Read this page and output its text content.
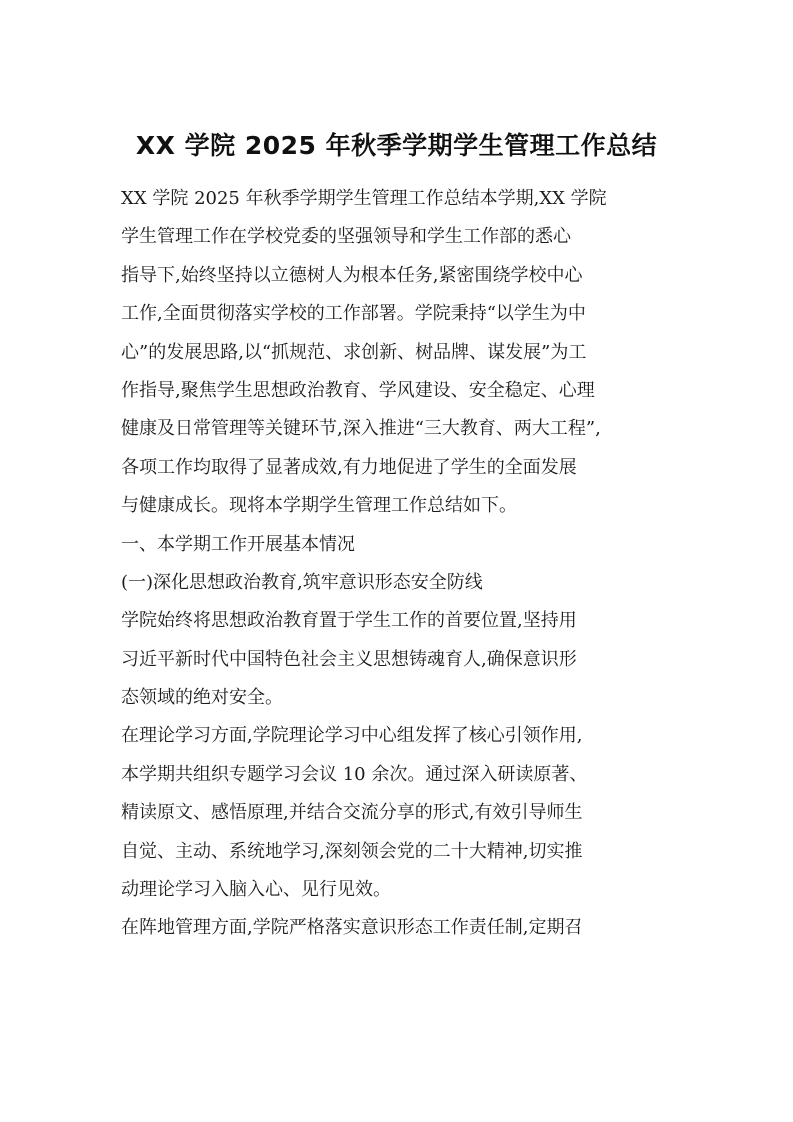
XX 学院 2025 年秋季学期学生管理工作总结
XX 学院 2025 年秋季学期学生管理工作总结本学期,XX 学院
学生管理工作在学校党委的坚强领导和学生工作部的悉心
指导下,始终坚持以立德树人为根本任务,紧密围绕学校中心
工作,全面贯彻落实学校的工作部署。学院秉持“以学生为中
心”的发展思路,以“抓规范、求创新、树品牌、谋发展”为工
作指导,聚焦学生思想政治教育、学风建设、安全稳定、心理
健康及日常管理等关键环节,深入推进“三大教育、两大工程”,
各项工作均取得了显著成效,有力地促进了学生的全面发展
与健康成长。现将本学期学生管理工作总结如下。
一、本学期工作开展基本情况
(一)深化思想政治教育,筑牢意识形态安全防线
学院始终将思想政治教育置于学生工作的首要位置,坚持用
习近平新时代中国特色社会主义思想铸魂育人,确保意识形
态领域的绝对安全。
在理论学习方面,学院理论学习中心组发挥了核心引领作用,
本学期共组织专题学习会议 10 余次。通过深入研读原著、
精读原文、感悟原理,并结合交流分享的形式,有效引导师生
自觉、主动、系统地学习,深刻领会党的二十大精神,切实推
动理论学习入脑入心、见行见效。
在阵地管理方面,学院严格落实意识形态工作责任制,定期召
